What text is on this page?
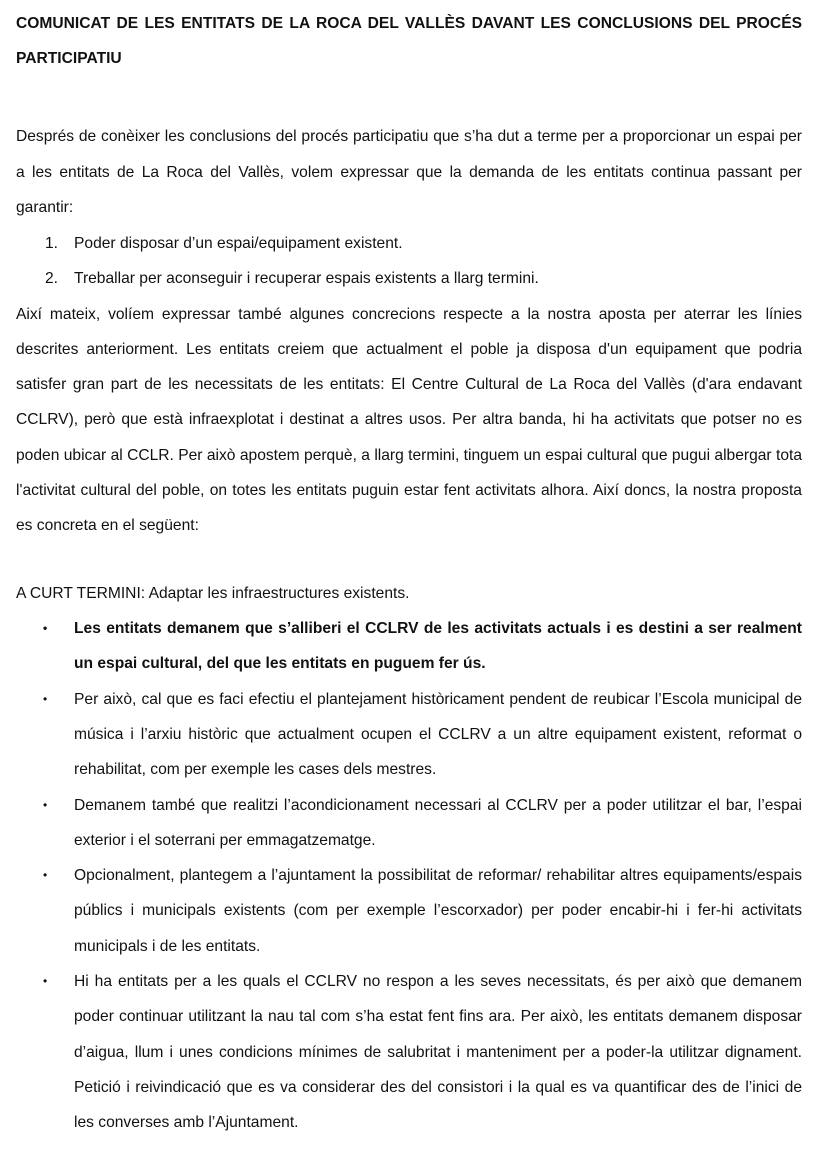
COMUNICAT DE LES ENTITATS DE LA ROCA DEL VALLÈS DAVANT LES CONCLUSIONS DEL PROCÉS PARTICIPATIU

Després de conèixer les conclusions del procés participatiu que s’ha dut a terme per a proporcionar un espai per a les entitats de La Roca del Vallès, volem expressar que la demanda de les entitats continua passant per garantir:

1. Poder disposar d’un espai/equipament existent.
2. Treballar per aconseguir i recuperar espais existents a llarg termini.

Així mateix, volíem expressar també algunes concrecions respecte a la nostra aposta per aterrar les línies descrites anteriorment. Les entitats creiem que actualment el poble ja disposa d'un equipament que podria satisfer gran part de les necessitats de les entitats: El Centre Cultural de La Roca del Vallès (d'ara endavant CCLRV), però que està infraexplotat i destinat a altres usos. Per altra banda, hi ha activitats que potser no es poden ubicar al CCLR. Per això apostem perquè, a llarg termini, tinguem un espai cultural que pugui albergar tota l'activitat cultural del poble, on totes les entitats puguin estar fent activitats alhora. Així doncs, la nostra proposta es concreta en el següent:

A CURT TERMINI: Adaptar les infraestructures existents.

• Les entitats demanem que s’alliberi el CCLRV de les activitats actuals i es destini a ser realment un espai cultural, del que les entitats en puguem fer ús.
• Per això, cal que es faci efectiu el plantejament històricament pendent de reubicar l’Escola municipal de música i l’arxiu històric que actualment ocupen el CCLRV a un altre equipament existent, reformat o rehabilitat, com per exemple les cases dels mestres.
• Demanem també que realitzi l’acondicionament necessari al CCLRV per a poder utilitzar el bar, l’espai exterior i el soterrani per emmagatzematge.
• Opcionalment, plantegem a l’ajuntament la possibilitat de reformar/ rehabilitar altres equipaments/espais públics i municipals existents (com per exemple l’escorxador) per poder encabir-hi i fer-hi activitats municipals i de les entitats.
• Hi ha entitats per a les quals el CCLRV no respon a les seves necessitats, és per això que demanem poder continuar utilitzant la nau tal com s’ha estat fent fins ara. Per això, les entitats demanem disposar d’aigua, llum i unes condicions mínimes de salubritat i manteniment per a poder-la utilitzar dignament. Petició i reivindicació que es va considerar des del consistori i la qual es va quantificar des de l’inici de les converses amb l’Ajuntament.
